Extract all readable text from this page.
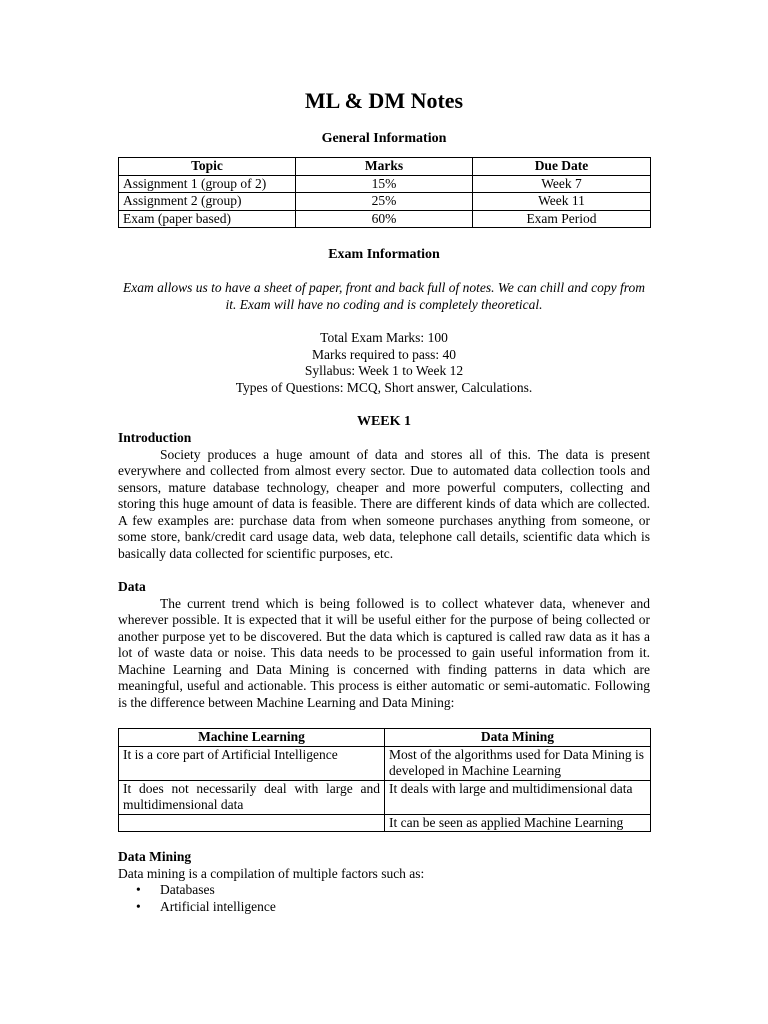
ML & DM Notes
General Information
Topic	Marks	Due Date
Assignment 1 (group of 2)	15%	Week 7
Assignment 2 (group)	25%	Week 11
Exam (paper based)	60%	Exam Period
Exam Information

Exam allows us to have a sheet of paper, front and back full of notes. We can chill and copy from it. Exam will have no coding and is completely theoretical.

Total Exam Marks: 100
Marks required to pass: 40
Syllabus: Week 1 to Week 12
Types of Questions: MCQ, Short answer, Calculations.
WEEK 1
Introduction

Society produces a huge amount of data and stores all of this. The data is present everywhere and collected from almost every sector. Due to automated data collection tools and sensors, mature database technology, cheaper and more powerful computers, collecting and storing this huge amount of data is feasible. There are different kinds of data which are collected. A few examples are: purchase data from when someone purchases anything from someone, or some store, bank/credit card usage data, web data, telephone call details, scientific data which is basically data collected for scientific purposes, etc.

Data

The current trend which is being followed is to collect whatever data, whenever and wherever possible. It is expected that it will be useful either for the purpose of being collected or another purpose yet to be discovered. But the data which is captured is called raw data as it has a lot of waste data or noise. This data needs to be processed to gain useful information from it. Machine Learning and Data Mining is concerned with finding patterns in data which are meaningful, useful and actionable. This process is either automatic or semi-automatic. Following is the difference between Machine Learning and Data Mining:

Machine Learning	Data Mining
It is a core part of Artificial Intelligence	Most of the algorithms used for Data Mining is developed in Machine Learning
It does not necessarily deal with large and multidimensional data	It deals with large and multidimensional data
	It can be seen as applied Machine Learning
Data Mining
Data mining is a compilation of multiple factors such as:
• Databases
• Artificial intelligence
